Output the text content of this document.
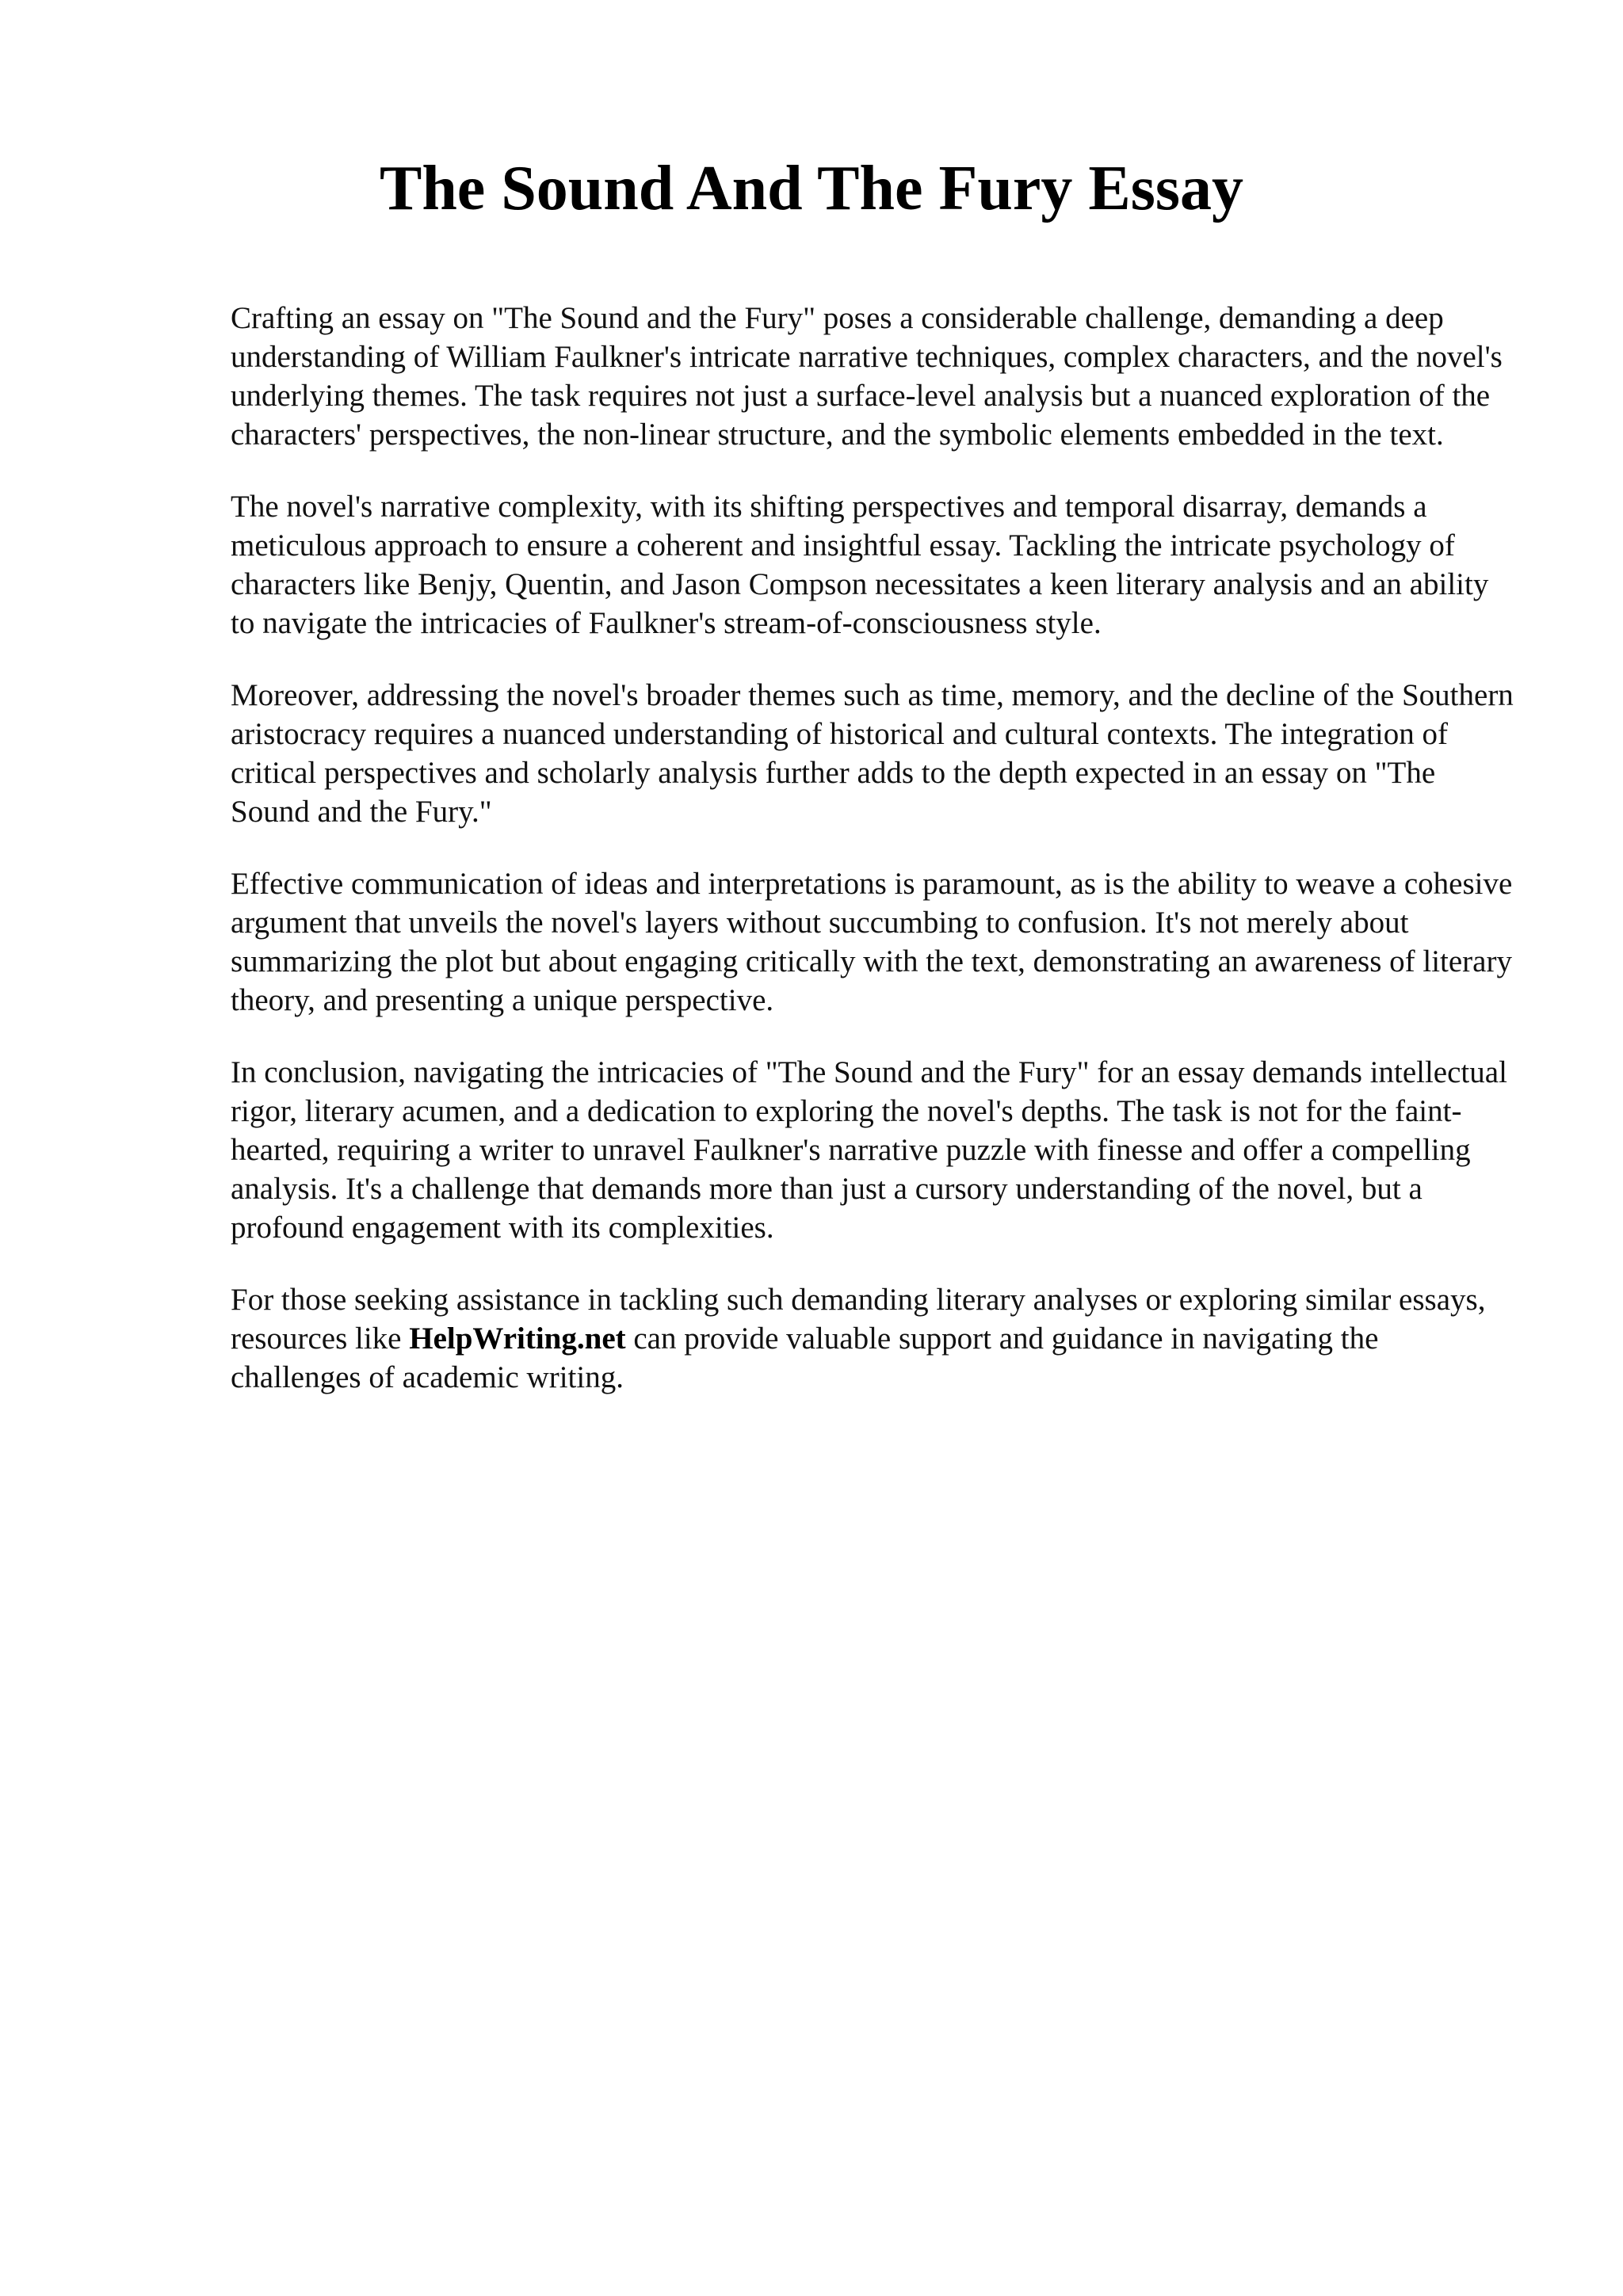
The Sound And The Fury Essay

Crafting an essay on "The Sound and the Fury" poses a considerable challenge, demanding a deep understanding of William Faulkner's intricate narrative techniques, complex characters, and the novel's underlying themes. The task requires not just a surface-level analysis but a nuanced exploration of the characters' perspectives, the non-linear structure, and the symbolic elements embedded in the text.

The novel's narrative complexity, with its shifting perspectives and temporal disarray, demands a meticulous approach to ensure a coherent and insightful essay. Tackling the intricate psychology of characters like Benjy, Quentin, and Jason Compson necessitates a keen literary analysis and an ability to navigate the intricacies of Faulkner's stream-of-consciousness style.

Moreover, addressing the novel's broader themes such as time, memory, and the decline of the Southern aristocracy requires a nuanced understanding of historical and cultural contexts. The integration of critical perspectives and scholarly analysis further adds to the depth expected in an essay on "The Sound and the Fury."

Effective communication of ideas and interpretations is paramount, as is the ability to weave a cohesive argument that unveils the novel's layers without succumbing to confusion. It's not merely about summarizing the plot but about engaging critically with the text, demonstrating an awareness of literary theory, and presenting a unique perspective.

In conclusion, navigating the intricacies of "The Sound and the Fury" for an essay demands intellectual rigor, literary acumen, and a dedication to exploring the novel's depths. The task is not for the faint-hearted, requiring a writer to unravel Faulkner's narrative puzzle with finesse and offer a compelling analysis. It's a challenge that demands more than just a cursory understanding of the novel, but a profound engagement with its complexities.

For those seeking assistance in tackling such demanding literary analyses or exploring similar essays, resources like HelpWriting.net can provide valuable support and guidance in navigating the challenges of academic writing.
